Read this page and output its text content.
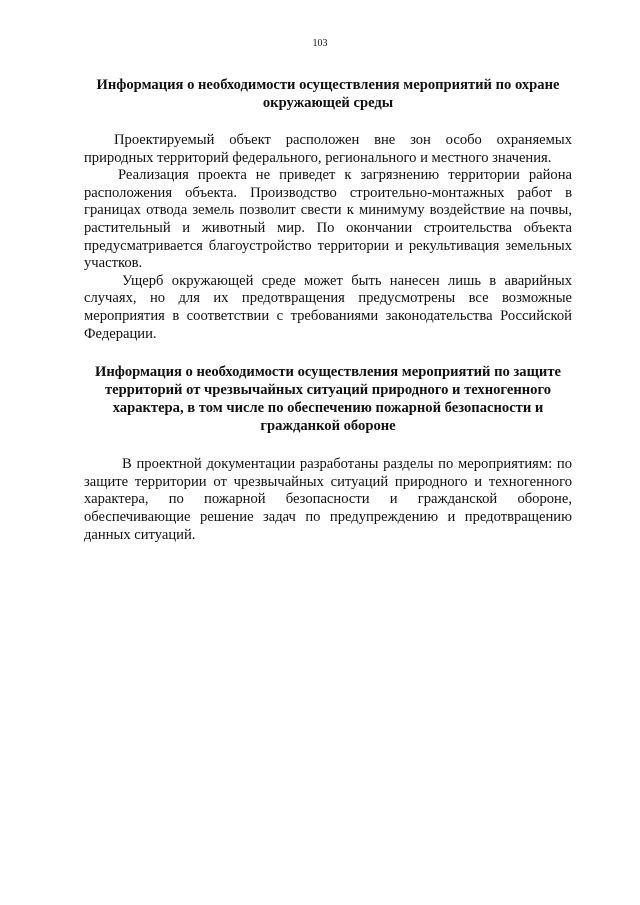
103

Информация о необходимости осуществления мероприятий по охране окружающей среды

Проектируемый объект расположен вне зон особо охраняемых природных территорий федерального, регионального и местного значения.

Реализация проекта не приведет к загрязнению территории района расположения объекта. Производство строительно-монтажных работ в границах отвода земель позволит свести к минимуму воздействие на почвы, растительный и животный мир. По окончании строительства объекта предусматривается благоустройство территории и рекультивация земельных участков.

Ущерб окружающей среде может быть нанесен лишь в аварийных случаях, но для их предотвращения предусмотрены все возможные мероприятия в соответствии с требованиями законодательства Российской Федерации.

Информация о необходимости осуществления мероприятий по защите территорий от чрезвычайных ситуаций природного и техногенного характера, в том числе по обеспечению пожарной безопасности и гражданкой обороне

В проектной документации разработаны разделы по мероприятиям: по защите территории от чрезвычайных ситуаций природного и техногенного характера, по пожарной безопасности и гражданской обороне, обеспечивающие решение задач по предупреждению и предотвращению данных ситуаций.
